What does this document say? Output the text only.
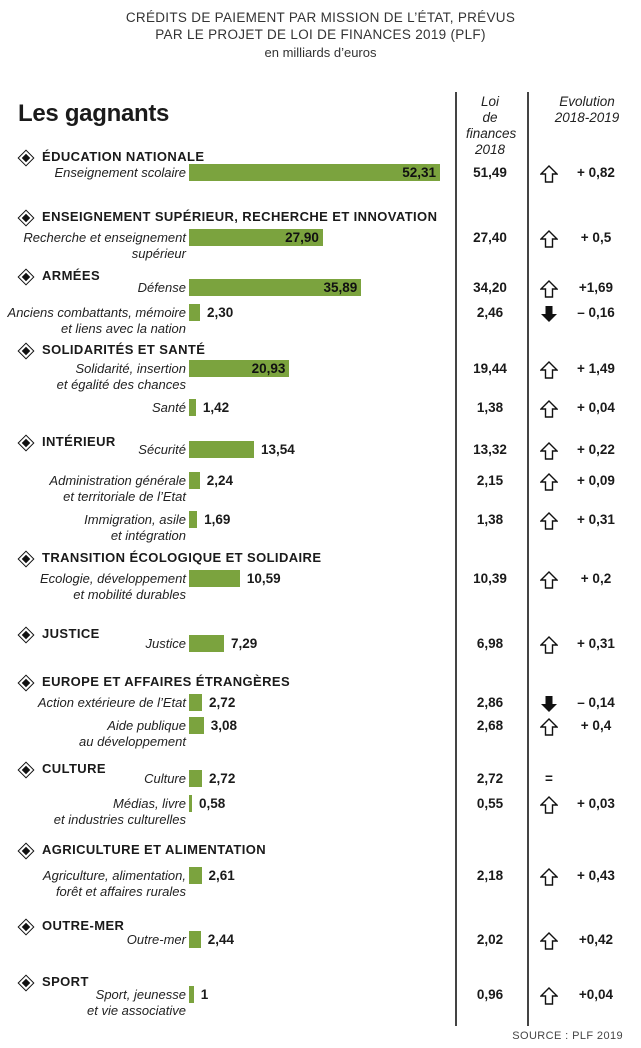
CRÉDITS DE PAIEMENT PAR MISSION DE L’ÉTAT, PRÉVUS
PAR LE PROJET DE LOI DE FINANCES 2019 (PLF)
en milliards d’euros
Les gagnants	Loi
de finances
2018
Evolution
2018-2019
ÉDUCATION NATIONALE
Enseignement scolaire	52,31	51,49	+ 0,82
ENSEIGNEMENT SUPÉRIEUR, RECHERCHE ET INNOVATION
Recherche et enseignement
supérieur
27,90	27,40	+ 0,5
ARMÉES
Défense	35,89	34,20	+1,69
Anciens combattants, mémoire
et liens avec la nation
2,30	2,46	– 0,16
SOLIDARITÉS ET SANTÉ
Solidarité, insertion
et égalité des chances
20,93	19,44	+ 1,49
Santé 1,42	1,38	+ 0,04
INTÉRIEUR
Sécurité	13,54	13,32	+ 0,22
Administration générale
et territoriale de l’Etat
2,24	2,15	+ 0,09
Immigration, asile
et intégration
1,69	1,38	+ 0,31
TRANSITION ÉCOLOGIQUE ET SOLIDAIRE
Ecologie, développement
et mobilité durables
10,59	10,39	+ 0,2
JUSTICE
Justice	7,29	6,98	+ 0,31
EUROPE ET AFFAIRES ÉTRANGÈRES
Action extérieure de l’Etat 2,72	2,86	– 0,14
Aide publique
au développement
3,08	2,68	+ 0,4
CULTURE
Culture 2,72	2,72	=
Médias, livre
et industries culturelles
0,58	0,55	+ 0,03
AGRICULTURE ET ALIMENTATION
Agriculture, alimentation,
forêt et affaires rurales
2,61	2,18	+ 0,43
OUTRE-MER
Outre-mer 2,44	2,02	+0,42
SPORT
Sport, jeunesse
et vie associative
1	0,96	+0,04
SOURCE : PLF 2019
